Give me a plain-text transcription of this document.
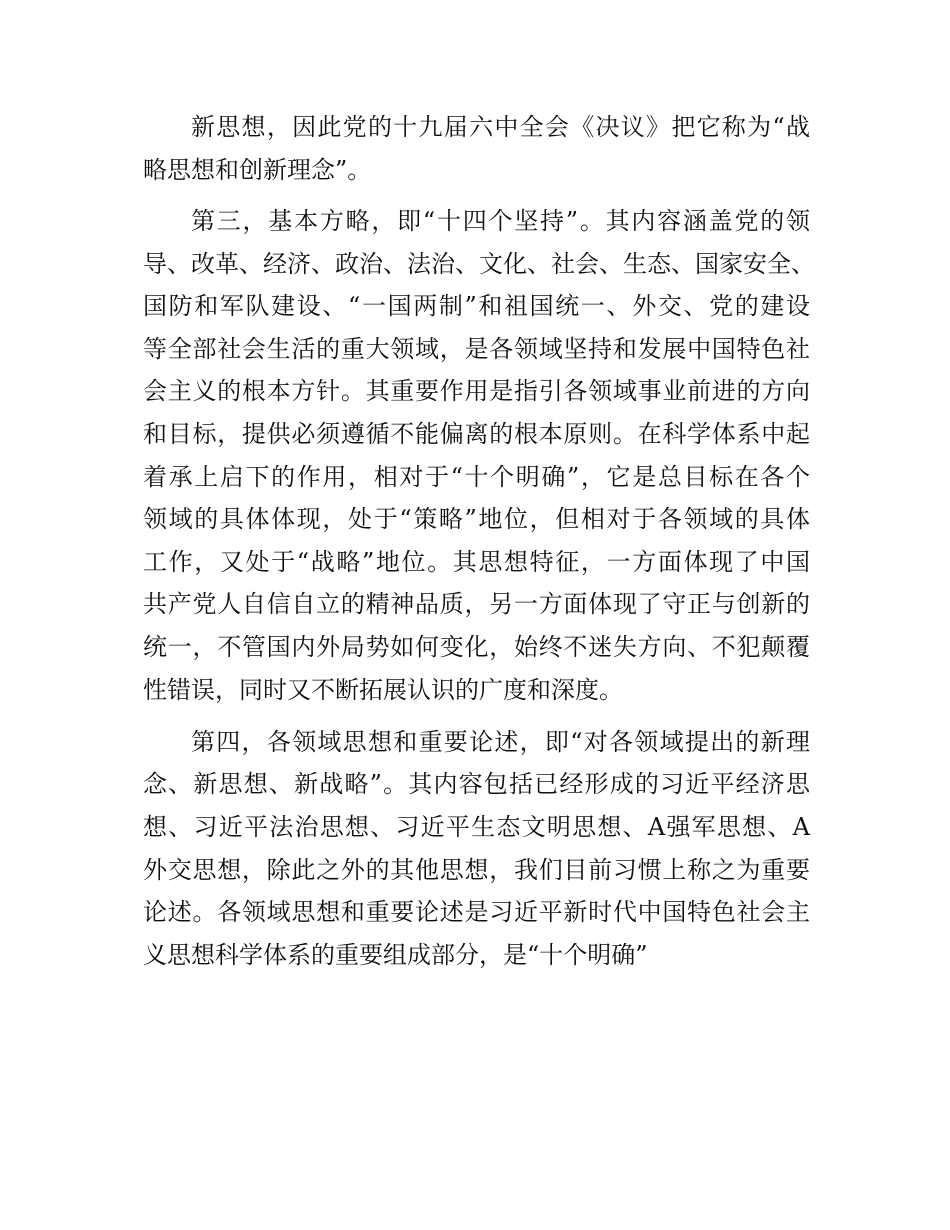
新思想，因此党的十九届六中全会《决议》把它称为“战
略思想和创新理念”。
第三，基本方略，即“十四个坚持”。其内容涵盖党的领
导、改革、经济、政治、法治、文化、社会、生态、国家安全、
国防和军队建设、“一国两制”和祖国统一、外交、党的建设
等全部社会生活的重大领域，是各领域坚持和发展中国特色社
会主义的根本方针。其重要作用是指引各领域事业前进的方向
和目标，提供必须遵循不能偏离的根本原则。在科学体系中起
着承上启下的作用，相对于“十个明确”，它是总目标在各个
领域的具体体现，处于“策略”地位，但相对于各领域的具体
工作，又处于“战略”地位。其思想特征，一方面体现了中国
共产党人自信自立的精神品质，另一方面体现了守正与创新的
统一，不管国内外局势如何变化，始终不迷失方向、不犯颠覆
性错误，同时又不断拓展认识的广度和深度。
第四，各领域思想和重要论述，即“对各领域提出的新理
念、新思想、新战略”。其内容包括已经形成的习近平经济思
想、习近平法治思想、习近平生态文明思想、A强军思想、A
外交思想，除此之外的其他思想，我们目前习惯上称之为重要
论述。各领域思想和重要论述是习近平新时代中国特色社会主
义思想科学体系的重要组成部分，是“十个明确”
